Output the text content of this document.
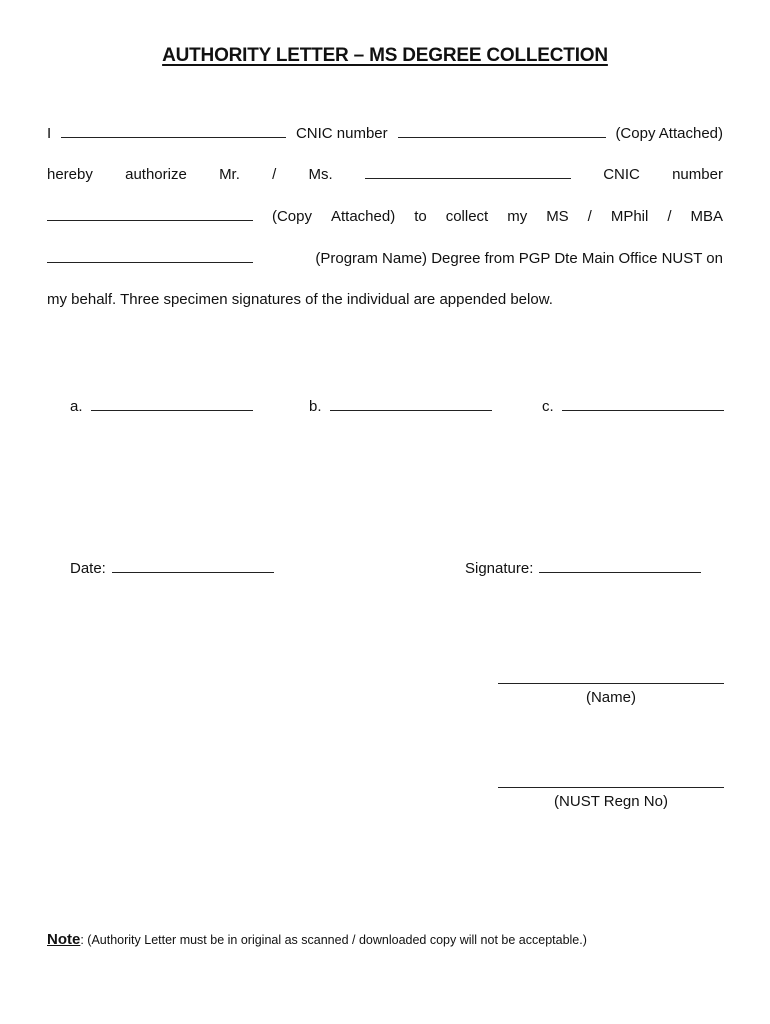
AUTHORITY LETTER – MS DEGREE COLLECTION
I	CNIC number	(Copy Attached)
hereby authorize Mr. / Ms.	CNIC number
(Copy Attached) to collect my MS / MPhil / MBA
(Program Name) Degree from PGP Dte Main Office NUST on
my behalf. Three specimen signatures of the individual are appended below.
a.	b.	c.
Date:	Signature:
(Name)
(NUST Regn No)
Note: (Authority Letter must be in original as scanned / downloaded copy will not be acceptable.)
